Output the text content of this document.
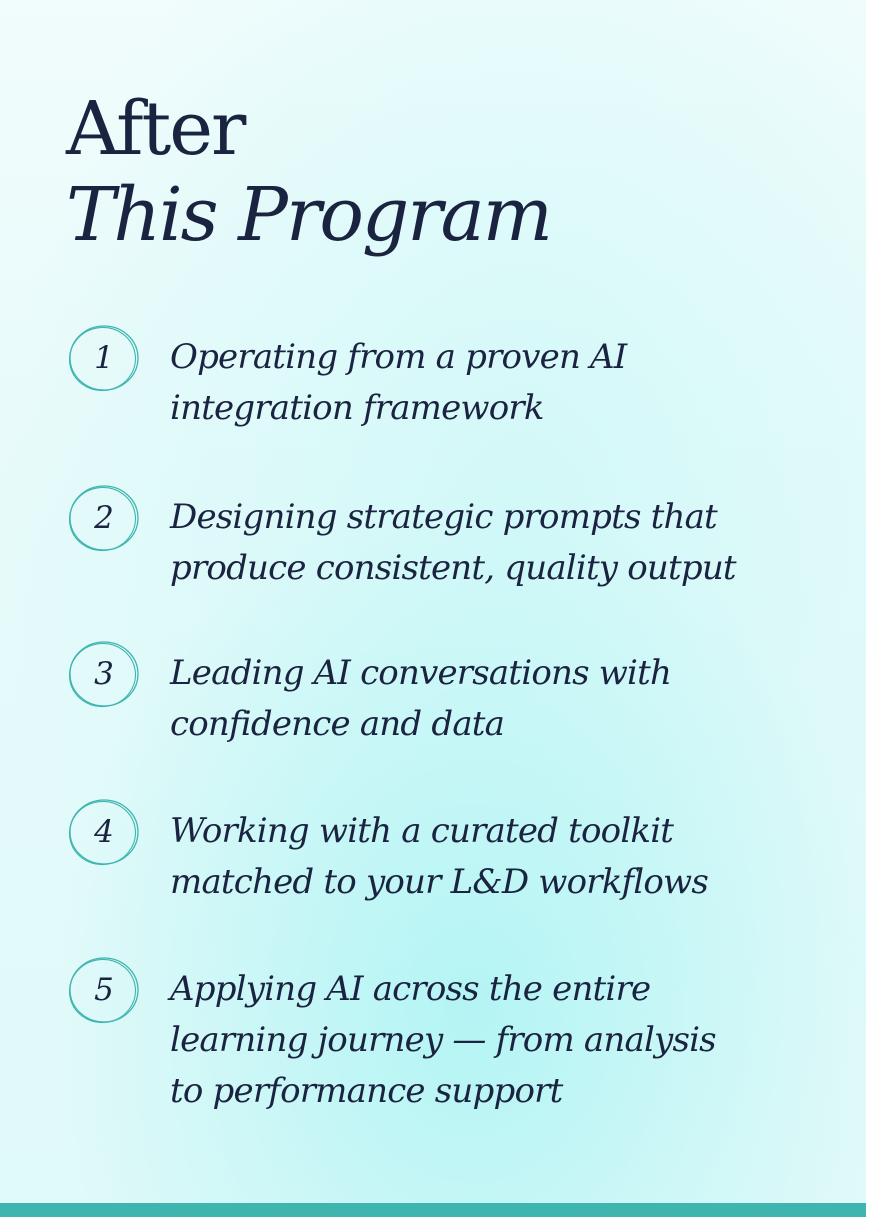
After
This Program
1	Operating from a proven AI
integration framework
2	Designing strategic prompts that
produce consistent, quality output
3	Leading AI conversations with
confidence and data
4	Working with a curated toolkit
matched to your L&D workflows
5	Applying AI across the entire
learning journey — from analysis
to performance support
